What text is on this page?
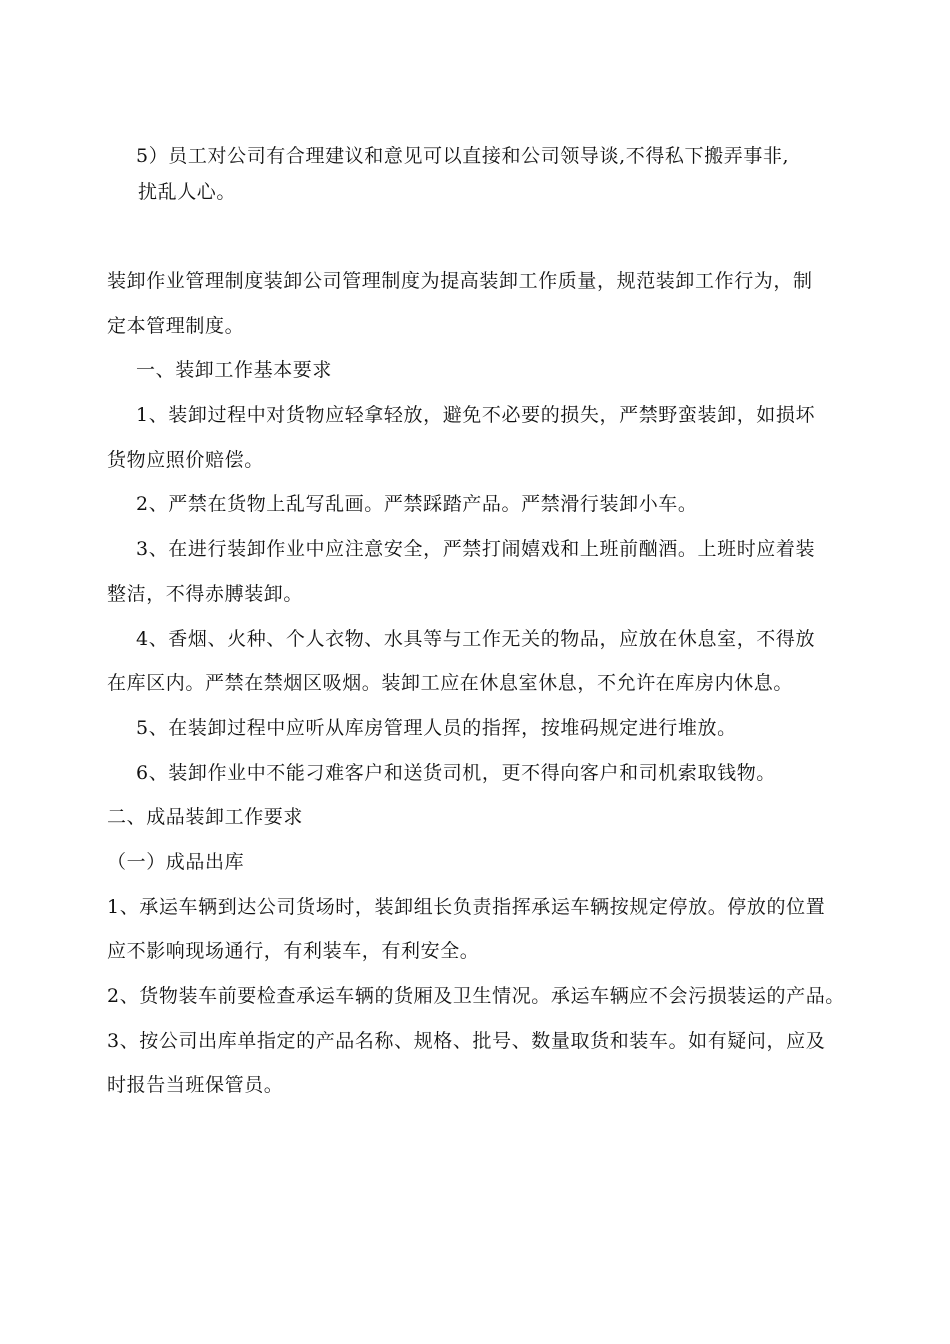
5）员工对公司有合理建议和意见可以直接和公司领导谈,不得私下搬弄事非,
扰乱人心。
装卸作业管理制度装卸公司管理制度为提高装卸工作质量，规范装卸工作行为，制
定本管理制度。
一、装卸工作基本要求
1、装卸过程中对货物应轻拿轻放，避免不必要的损失，严禁野蛮装卸，如损坏
货物应照价赔偿。
2、严禁在货物上乱写乱画。严禁踩踏产品。严禁滑行装卸小车。
3、在进行装卸作业中应注意安全，严禁打闹嬉戏和上班前酗酒。上班时应着装
整洁，不得赤膊装卸。
4、香烟、火种、个人衣物、水具等与工作无关的物品，应放在休息室，不得放
在库区内。严禁在禁烟区吸烟。装卸工应在休息室休息，不允许在库房内休息。
5、在装卸过程中应听从库房管理人员的指挥，按堆码规定进行堆放。
6、装卸作业中不能刁难客户和送货司机，更不得向客户和司机索取钱物。
二、成品装卸工作要求
（一）成品出库
1、承运车辆到达公司货场时，装卸组长负责指挥承运车辆按规定停放。停放的位置
应不影响现场通行，有利装车，有利安全。
2、货物装车前要检查承运车辆的货厢及卫生情况。承运车辆应不会污损装运的产品。
3、按公司出库单指定的产品名称、规格、批号、数量取货和装车。如有疑问，应及
时报告当班保管员。
